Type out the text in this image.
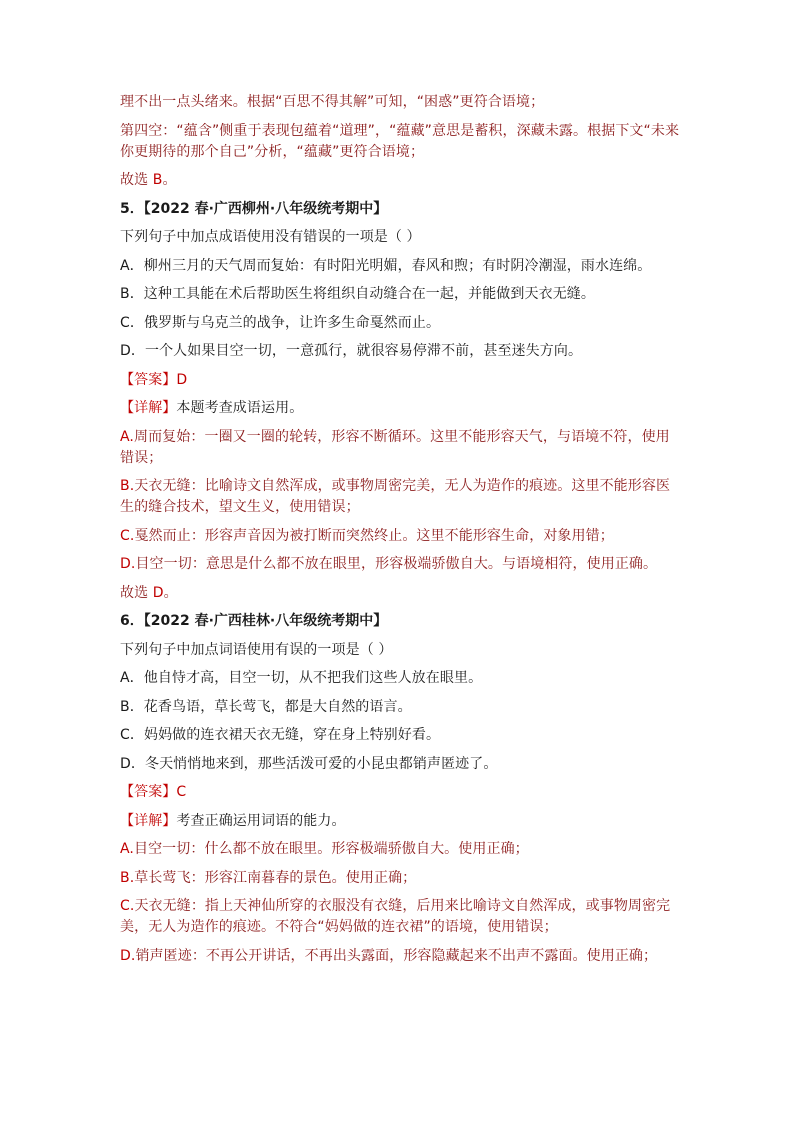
理不出一点头绪来。根据“百思不得其解”可知，“困惑”更符合语境；

第四空：“蕴含”侧重于表现包蕴着“道理”，“蕴藏”意思是蓄积，深藏未露。根据下文“未来你更期待的那个自己”分析，“蕴藏”更符合语境；

故选 B。

5．【2022 春·广西柳州·八年级统考期中】

下列句子中加点成语使用没有错误的一项是（ ）

A．柳州三月的天气周而复始：有时阳光明媚，春风和煦；有时阴冷潮湿，雨水连绵。

B．这种工具能在术后帮助医生将组织自动缝合在一起，并能做到天衣无缝。

C．俄罗斯与乌克兰的战争，让许多生命戛然而止。

D．一个人如果目空一切，一意孤行，就很容易停滞不前，甚至迷失方向。

【答案】D

【详解】本题考查成语运用。

A.周而复始：一圈又一圈的轮转，形容不断循环。这里不能形容天气，与语境不符，使用错误；

B.天衣无缝：比喻诗文自然浑成，或事物周密完美，无人为造作的痕迹。这里不能形容医生的缝合技术，望文生义，使用错误；

C.戛然而止：形容声音因为被打断而突然终止。这里不能形容生命，对象用错；

D.目空一切：意思是什么都不放在眼里，形容极端骄傲自大。与语境相符，使用正确。

故选 D。

6．【2022 春·广西桂林·八年级统考期中】

下列句子中加点词语使用有误的一项是（ ）

A．他自恃才高，目空一切，从不把我们这些人放在眼里。

B．花香鸟语，草长莺飞，都是大自然的语言。

C．妈妈做的连衣裙天衣无缝，穿在身上特别好看。

D．冬天悄悄地来到，那些活泼可爱的小昆虫都销声匿迹了。

【答案】C

【详解】考查正确运用词语的能力。

A.目空一切：什么都不放在眼里。形容极端骄傲自大。使用正确；

B.草长莺飞：形容江南暮春的景色。使用正确；

C.天衣无缝：指上天神仙所穿的衣服没有衣缝，后用来比喻诗文自然浑成，或事物周密完美，无人为造作的痕迹。不符合“妈妈做的连衣裙”的语境，使用错误；

D.销声匿迹：不再公开讲话，不再出头露面，形容隐藏起来不出声不露面。使用正确；
